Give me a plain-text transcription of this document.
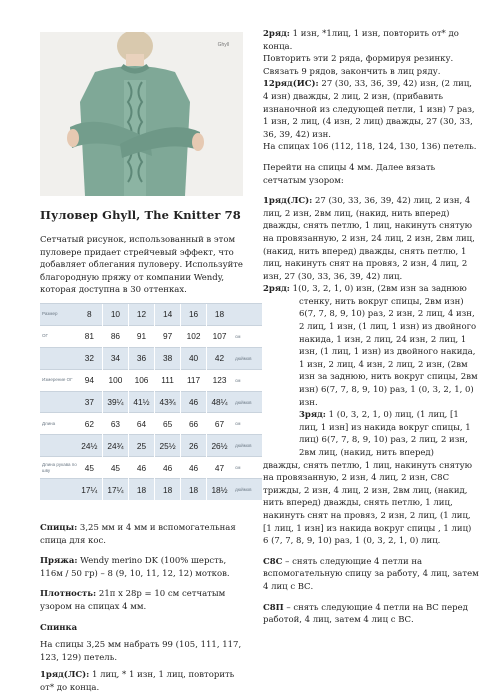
Ghyll
Пуловер Ghyll, The Knitter 78

Сетчатый рисунок, использованный в этом пуловере придает стрейчевый эффект, что добавляет облегания пуловеру. Используйте благородную пряжу от компании Wendy, которая доступна в 30 оттенках.

Размер	8	10	12	14	16	18	
ОГ	81	86	91	97	102	107	см
	32	34	36	38	40	42	дюймов
Измерение ОГ	94	100	106	111	117	123	см
	37	39¼	41½	43¾	46	48¼	дюймов
Длина	62	63	64	65	66	67	см
	24½	24¾	25	25½	26	26½	дюймов
Длина рукава по шву	45	45	46	46	46	47	см
	17¼	17¼	18	18	18	18½	дюймов

Спицы: 3,25 мм и 4 мм и вспомогательная спица для кос.

Пряжа: Wendy merino DK (100% шерсть, 116м / 50 гр) – 8 (9, 10, 11, 12, 12) мотков.

Плотность: 21п х 28р = 10 см сетчатым узором на спицах 4 мм.

Спинка

На спицы 3,25 мм набрать 99 (105, 111, 117, 123, 129) петель.

1ряд(ЛС): 1 лиц, * 1 изн, 1 лиц, повторить от* до конца.

2ряд: 1 изн, *1лиц, 1 изн, повторить от* до конца.

Повторить эти 2 ряда, формируя резинку. Связать 9 рядов, закончить в лиц ряду.

12ряд(ИС): 27 (30, 33, 36, 39, 42) изн, (2 лиц, 4 изн) дважды, 2 лиц, 2 изн, (прибавить изнаночной из следующей петли, 1 изн) 7 раз, 1 изн, 2 лиц, (4 изн, 2 лиц) дважды, 27 (30, 33, 36, 39, 42) изн.

На спицах 106 (112, 118, 124, 130, 136) петель.

Перейти на спицы 4 мм. Далее вязать сетчатым узором:

1ряд(ЛС): 27 (30, 33, 36, 39, 42) лиц, 2 изн, 4 лиц, 2 изн, 2вм лиц, (накид, нить вперед) дважды, снять петлю, 1 лиц, накинуть снятую на провязанную, 2 изн, 24 лиц, 2 изн, 2вм лиц, (накид, нить вперед) дважды, снять петлю, 1 лиц, накинуть снят на провяз, 2 изн, 4 лиц, 2 изн, 27 (30, 33, 36, 39, 42) лиц.

2ряд: 1(0, 3, 2, 1, 0) изн, (2вм изн за заднюю

стенку, нить вокруг спицы, 2вм изн) 6(7, 7, 8, 9, 10) раз, 2 изн, 2 лиц, 4 изн, 2 лиц, 1 изн, (1 лиц, 1 изн) из двойного накида, 1 изн, 2 лиц, 24 изн, 2 лиц, 1 изн, (1 лиц, 1 изн) из двойного накида, 1 изн, 2 лиц, 4 изн, 2 лиц, 2 изн, (2вм изн за заднюю, нить вокруг спицы, 2вм изн) 6(7, 7, 8, 9, 10) раз, 1 (0, 3, 2, 1, 0) изн.

3ряд: 1 (0, 3, 2, 1, 0) лиц, (1 лиц, [1 лиц, 1 изн] из накида вокруг спицы, 1 лиц) 6(7, 7, 8, 9, 10) раз, 2 лиц, 2 изн, 2вм лиц, (накид, нить вперед)

дважды, снять петлю, 1 лиц, накинуть снятую на провязанную, 2 изн, 4 лиц, 2 изн, С8С трижды, 2 изн, 4 лиц, 2 изн, 2вм лиц, (накид, нить вперед) дважды, снять петлю, 1 лиц, накинуть снят на провяз, 2 изн, 2 лиц, (1 лиц, [1 лиц, 1 изн] из накида вокруг спицы , 1 лиц) 6 (7, 7, 8, 9, 10) раз, 1 (0, 3, 2, 1, 0) лиц.

С8С – снять следующие 4 петли на вспомогательную спицу за работу, 4 лиц, затем 4 лиц с ВС.

С8П – снять следующие 4 петли на ВС перед работой, 4 лиц, затем 4 лиц с ВС.
